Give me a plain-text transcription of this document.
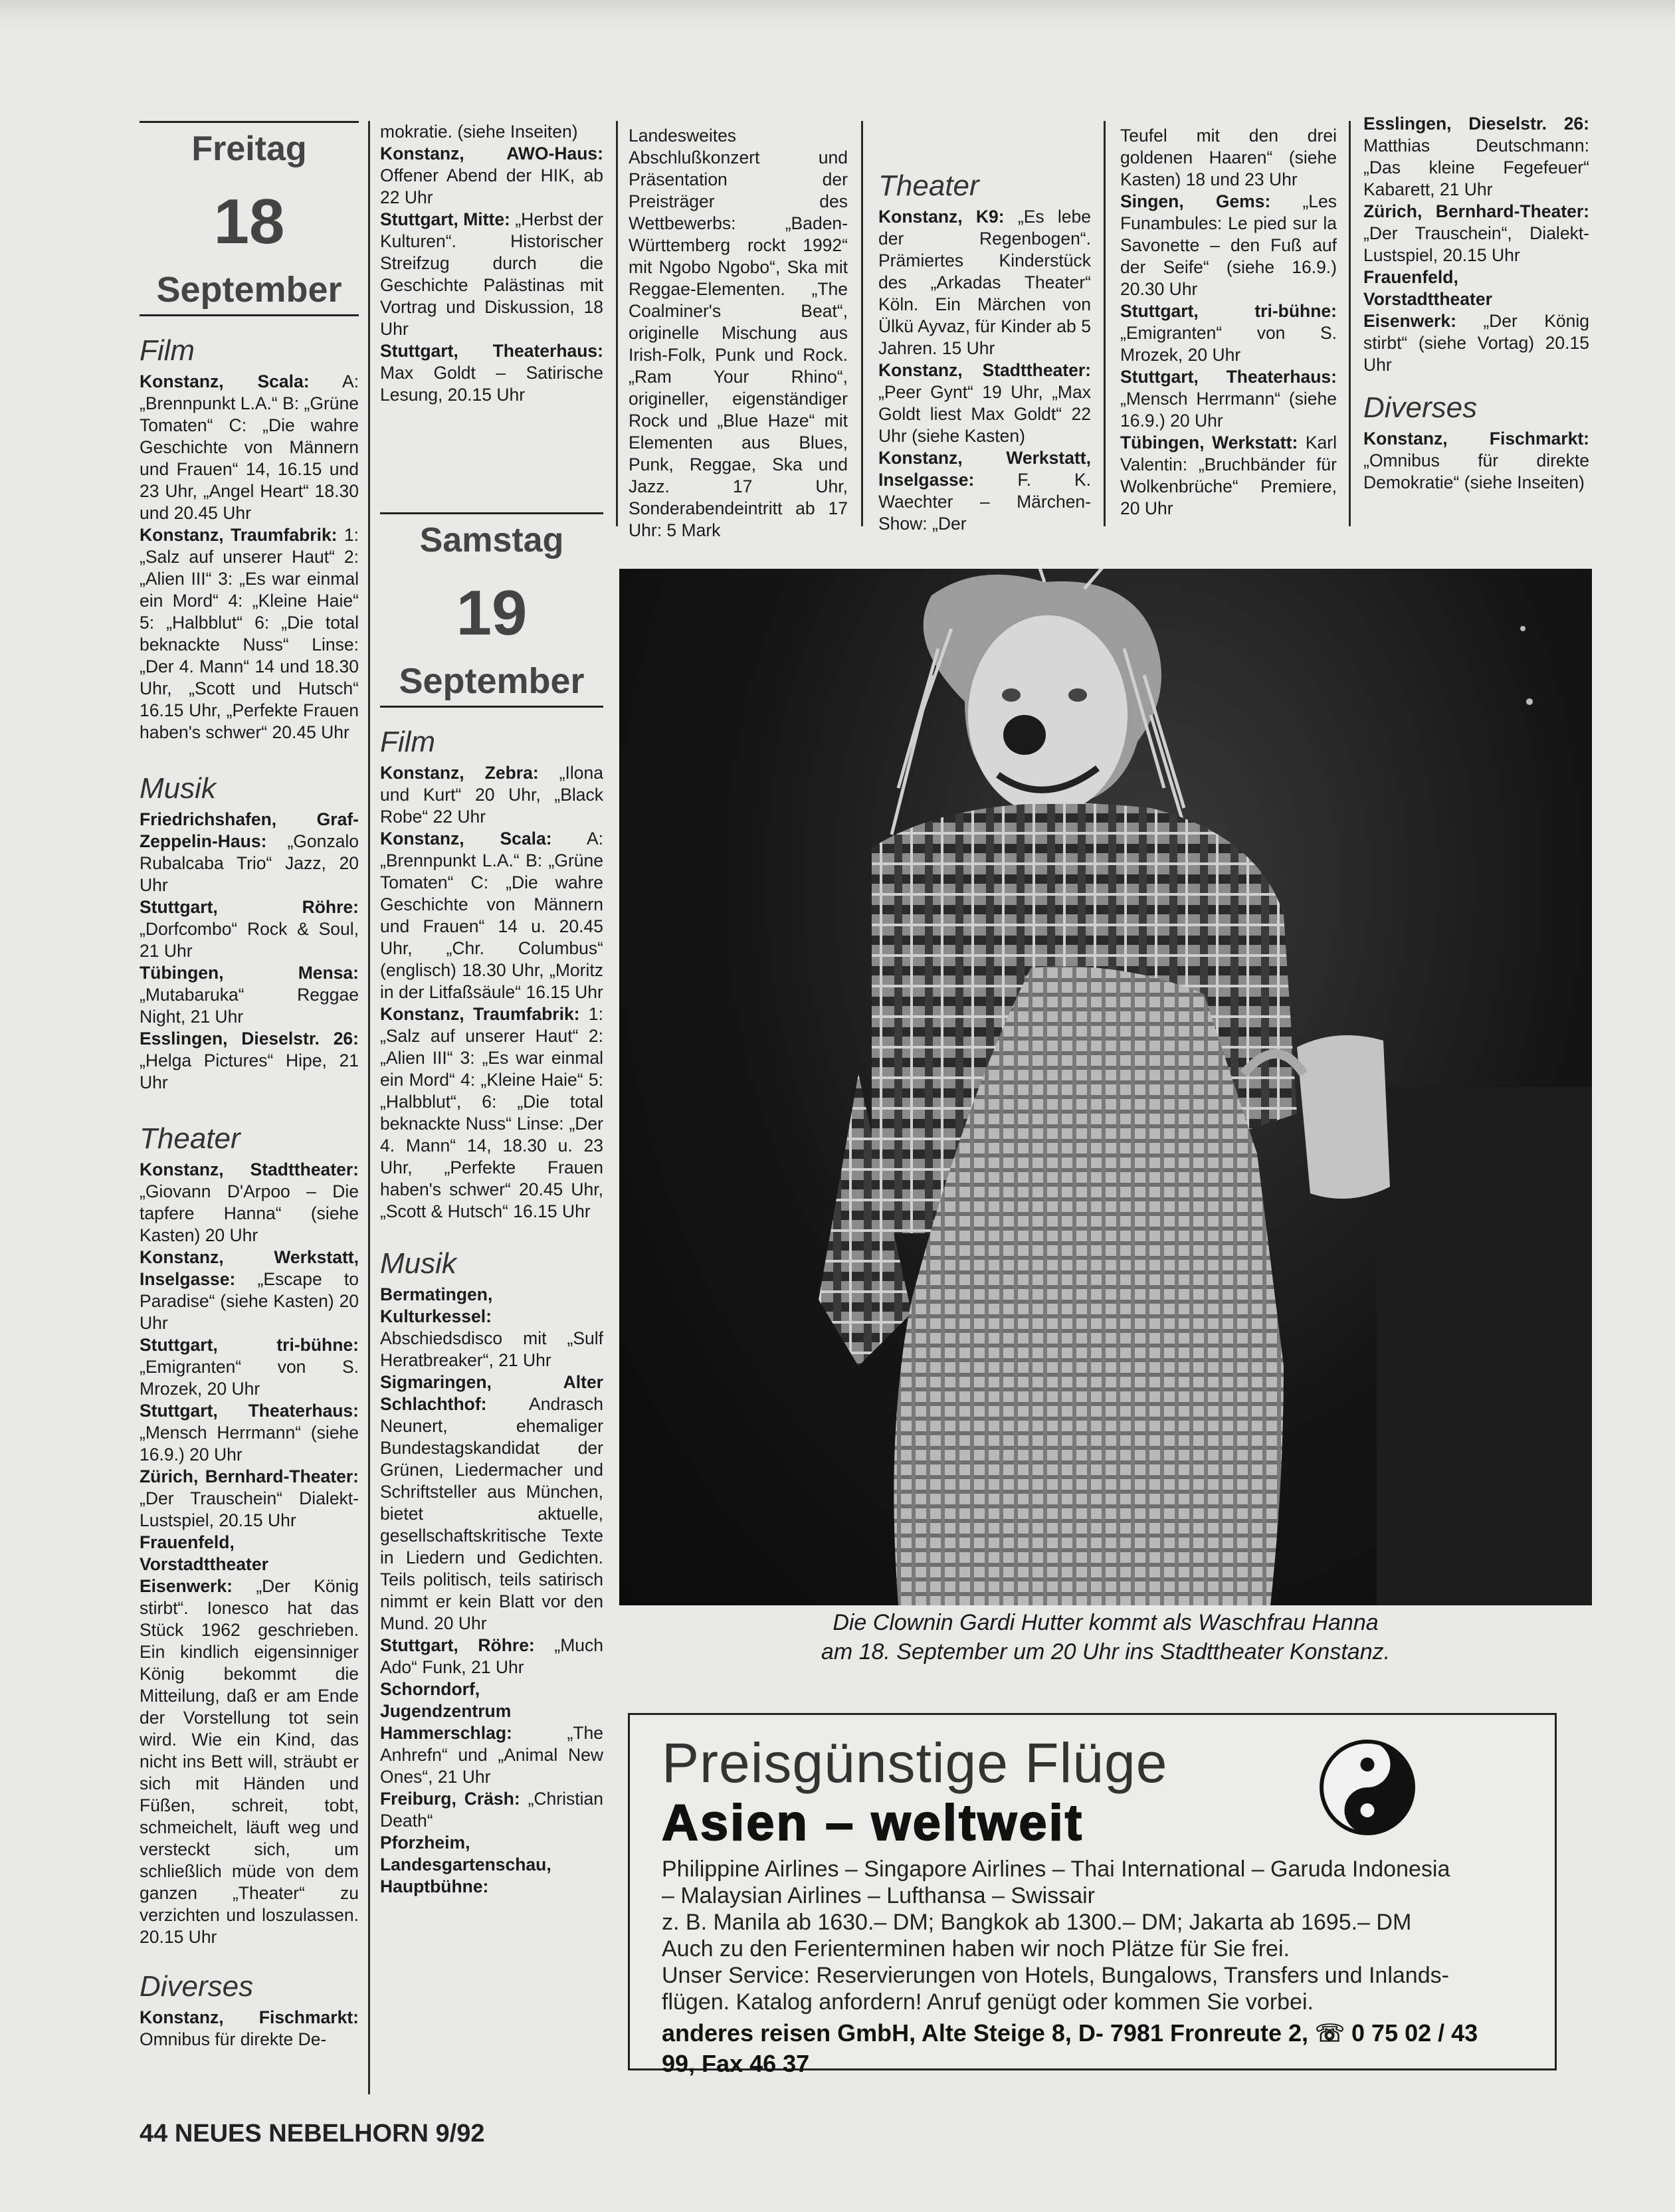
Freitag
18
September
Film

Konstanz, Scala: A: „Brennpunkt L.A.“ B: „Grüne Tomaten“ C: „Die wahre Geschichte von Männern und Frauen“ 14, 16.15 und 23 Uhr, „Angel Heart“ 18.30 und 20.45 Uhr

Konstanz, Traumfabrik: 1: „Salz auf unserer Haut“ 2: „Alien III“ 3: „Es war einmal ein Mord“ 4: „Kleine Haie“ 5: „Halbblut“ 6: „Die total beknackte Nuss“ Linse: „Der 4. Mann“ 14 und 18.30 Uhr, „Scott und Hutsch“ 16.15 Uhr, „Perfekte Frauen haben's schwer“ 20.45 Uhr

Musik

Friedrichshafen, Graf-Zeppelin-Haus: „Gonzalo Rubalcaba Trio“ Jazz, 20 Uhr

Stuttgart, Röhre: „Dorfcombo“ Rock & Soul, 21 Uhr

Tübingen, Mensa: „Mutabaruka“ Reggae Night, 21 Uhr

Esslingen, Dieselstr. 26: „Helga Pictures“ Hipe, 21 Uhr

Theater

Konstanz, Stadttheater: „Giovann D'Arpoo – Die tapfere Hanna“ (siehe Kasten) 20 Uhr

Konstanz, Werkstatt, Inselgasse: „Escape to Paradise“ (siehe Kasten) 20 Uhr

Stuttgart, tri-bühne: „Emigranten“ von S. Mrozek, 20 Uhr

Stuttgart, Theaterhaus: „Mensch Herrmann“ (siehe 16.9.) 20 Uhr

Zürich, Bernhard-Theater: „Der Trauschein“ Dialekt-Lustspiel, 20.15 Uhr

Frauenfeld, Vorstadttheater Eisenwerk: „Der König stirbt“. Ionesco hat das Stück 1962 geschrieben. Ein kindlich eigensinniger König bekommt die Mitteilung, daß er am Ende der Vorstellung tot sein wird. Wie ein Kind, das nicht ins Bett will, sträubt er sich mit Händen und Füßen, schreit, tobt, schmeichelt, läuft weg und versteckt sich, um schließlich müde von dem ganzen „Theater“ zu verzichten und loszulassen. 20.15 Uhr

Diverses

Konstanz, Fischmarkt: Omnibus für direkte De-

mokratie. (siehe Inseiten)

Konstanz, AWO-Haus: Offener Abend der HIK, ab 22 Uhr

Stuttgart, Mitte: „Herbst der Kulturen“. Historischer Streifzug durch die Geschichte Palästinas mit Vortrag und Diskussion, 18 Uhr

Stuttgart, Theaterhaus: Max Goldt – Satirische Lesung, 20.15 Uhr

Samstag
19
September
Film

Konstanz, Zebra: „Ilona und Kurt“ 20 Uhr, „Black Robe“ 22 Uhr

Konstanz, Scala: A: „Brennpunkt L.A.“ B: „Grüne Tomaten“ C: „Die wahre Geschichte von Männern und Frauen“ 14 u. 20.45 Uhr, „Chr. Columbus“ (englisch) 18.30 Uhr, „Moritz in der Litfaßsäule“ 16.15 Uhr

Konstanz, Traumfabrik: 1: „Salz auf unserer Haut“ 2: „Alien III“ 3: „Es war einmal ein Mord“ 4: „Kleine Haie“ 5: „Halbblut“, 6: „Die total beknackte Nuss“ Linse: „Der 4. Mann“ 14, 18.30 u. 23 Uhr, „Perfekte Frauen haben's schwer“ 20.45 Uhr, „Scott & Hutsch“ 16.15 Uhr

Musik

Bermatingen, Kulturkessel: Abschiedsdisco mit „Sulf Heratbreaker“, 21 Uhr

Sigmaringen, Alter Schlachthof: Andrasch Neunert, ehemaliger Bundestagskandidat der Grünen, Liedermacher und Schriftsteller aus München, bietet aktuelle, gesellschaftskritische Texte in Liedern und Gedichten. Teils politisch, teils satirisch nimmt er kein Blatt vor den Mund. 20 Uhr

Stuttgart, Röhre: „Much Ado“ Funk, 21 Uhr

Schorndorf, Jugendzentrum Hammerschlag: „The Anhrefn“ und „Animal New Ones“, 21 Uhr

Freiburg, Cräsh: „Christian Death“

Pforzheim, Landesgartenschau, Hauptbühne:

Landesweites Abschlußkonzert und Präsentation der Preisträger des Wettbewerbs: „Baden-Württemberg rockt 1992“ mit Ngobo Ngobo“, Ska mit Reggae-Elementen. „The Coalminer's Beat“, originelle Mischung aus Irish-Folk, Punk und Rock. „Ram Your Rhino“, origineller, eigenständiger Rock und „Blue Haze“ mit Elementen aus Blues, Punk, Reggae, Ska und Jazz. 17 Uhr, Sonderabendeintritt ab 17 Uhr: 5 Mark

Theater

Konstanz, K9: „Es lebe der Regenbogen“. Prämiertes Kinderstück des „Arkadas Theater“ Köln. Ein Märchen von Ülkü Ayvaz, für Kinder ab 5 Jahren. 15 Uhr

Konstanz, Stadttheater: „Peer Gynt“ 19 Uhr, „Max Goldt liest Max Goldt“ 22 Uhr (siehe Kasten)

Konstanz, Werkstatt, Inselgasse: F. K. Waechter – Märchen-Show: „Der

Teufel mit den drei goldenen Haaren“ (siehe Kasten) 18 und 23 Uhr

Singen, Gems: „Les Funambules: Le pied sur la Savonette – den Fuß auf der Seife“ (siehe 16.9.) 20.30 Uhr

Stuttgart, tri-bühne: „Emigranten“ von S. Mrozek, 20 Uhr

Stuttgart, Theaterhaus: „Mensch Herrmann“ (siehe 16.9.) 20 Uhr

Tübingen, Werkstatt: Karl Valentin: „Bruchbänder für Wolkenbrüche“ Premiere, 20 Uhr

Esslingen, Dieselstr. 26: Matthias Deutschmann: „Das kleine Fegefeuer“ Kabarett, 21 Uhr

Zürich, Bernhard-Theater: „Der Trauschein“, Dialekt-Lustspiel, 20.15 Uhr

Frauenfeld, Vorstadttheater Eisenwerk: „Der König stirbt“ (siehe Vortag) 20.15 Uhr

Diverses

Konstanz, Fischmarkt: „Omnibus für direkte Demokratie“ (siehe Inseiten)

Die Clownin Gardi Hutter kommt als Waschfrau Hanna
am 18. September um 20 Uhr ins Stadttheater Konstanz.
Preisgünstige Flüge
Asien – weltweit
Philippine Airlines – Singapore Airlines – Thai International – Garuda Indonesia
– Malaysian Airlines – Lufthansa – Swissair
z. B. Manila ab 1630.– DM; Bangkok ab 1300.– DM; Jakarta ab 1695.– DM
Auch zu den Ferienterminen haben wir noch Plätze für Sie frei.
Unser Service: Reservierungen von Hotels, Bungalows, Transfers und Inlands-
flügen. Katalog anfordern! Anruf genügt oder kommen Sie vorbei.
anderes reisen GmbH, Alte Steige 8, D- 7981 Fronreute 2, ☏ 0 75 02 / 43 99, Fax 46 37
44 NEUES NEBELHORN 9/92
